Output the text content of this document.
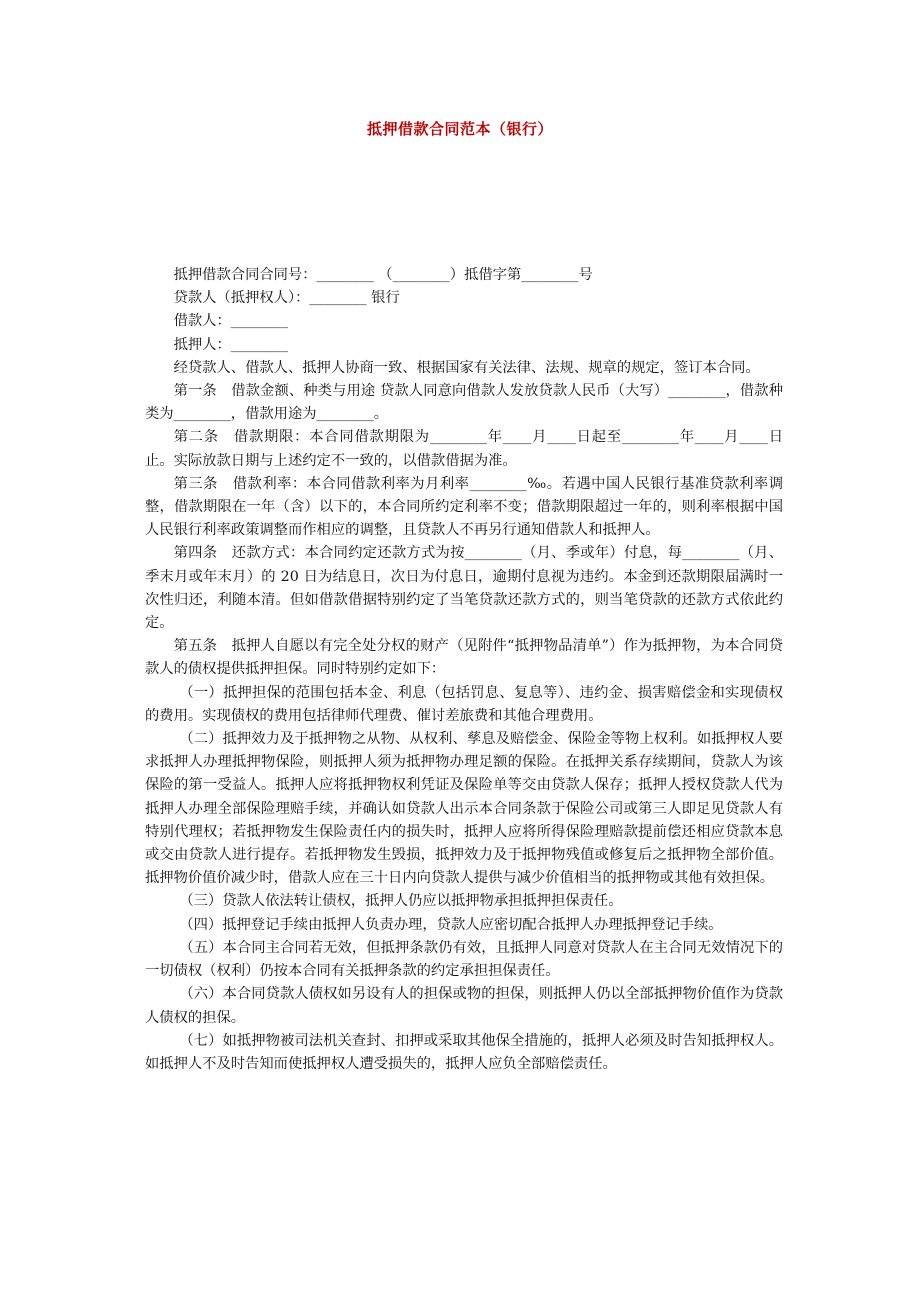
抵押借款合同范本（银行）

抵押借款合同合同号：________ （________）抵借字第________号

贷款人（抵押权人）：________ 银行

借款人：________

抵押人：________

经贷款人、借款人、抵押人协商一致、根据国家有关法律、法规、规章的规定，签订本合同。

第一条　借款金额、种类与用途 贷款人同意向借款人发放贷款人民币（大写）________，借款种类为________，借款用途为________。

第二条　借款期限：本合同借款期限为________年____月____日起至________年____月____日止。实际放款日期与上述约定不一致的，以借款借据为准。

第三条　借款利率：本合同借款利率为月利率________‰。若遇中国人民银行基准贷款利率调整，借款期限在一年（含）以下的，本合同所约定利率不变；借款期限超过一年的，则利率根据中国人民银行利率政策调整而作相应的调整，且贷款人不再另行通知借款人和抵押人。

第四条　还款方式：本合同约定还款方式为按________（月、季或年）付息，每________（月、季末月或年末月）的 20 日为结息日，次日为付息日，逾期付息视为违约。本金到还款期限届满时一次性归还，利随本清。但如借款借据特别约定了当笔贷款还款方式的，则当笔贷款的还款方式依此约定。

第五条　抵押人自愿以有完全处分权的财产（见附件“抵押物品清单”）作为抵押物，为本合同贷款人的债权提供抵押担保。同时特别约定如下：

（一）抵押担保的范围包括本金、利息（包括罚息、复息等）、违约金、损害赔偿金和实现债权的费用。实现债权的费用包括律师代理费、催讨差旅费和其他合理费用。

（二）抵押效力及于抵押物之从物、从权利、孳息及赔偿金、保险金等物上权利。如抵押权人要求抵押人办理抵押物保险，则抵押人须为抵押物办理足额的保险。在抵押关系存续期间，贷款人为该保险的第一受益人。抵押人应将抵押物权利凭证及保险单等交由贷款人保存；抵押人授权贷款人代为抵押人办理全部保险理赔手续，并确认如贷款人出示本合同条款于保险公司或第三人即足见贷款人有特别代理权；若抵押物发生保险责任内的损失时，抵押人应将所得保险理赔款提前偿还相应贷款本息或交由贷款人进行提存。若抵押物发生毁损，抵押效力及于抵押物残值或修复后之抵押物全部价值。抵押物价值价减少时，借款人应在三十日内向贷款人提供与减少价值相当的抵押物或其他有效担保。

（三）贷款人依法转让债权，抵押人仍应以抵押物承担抵押担保责任。

（四）抵押登记手续由抵押人负责办理，贷款人应密切配合抵押人办理抵押登记手续。

（五）本合同主合同若无效，但抵押条款仍有效，且抵押人同意对贷款人在主合同无效情况下的一切债权（权利）仍按本合同有关抵押条款的约定承担担保责任。

（六）本合同贷款人债权如另设有人的担保或物的担保，则抵押人仍以全部抵押物价值作为贷款人债权的担保。

（七）如抵押物被司法机关查封、扣押或采取其他保全措施的，抵押人必须及时告知抵押权人。如抵押人不及时告知而使抵押权人遭受损失的，抵押人应负全部赔偿责任。
